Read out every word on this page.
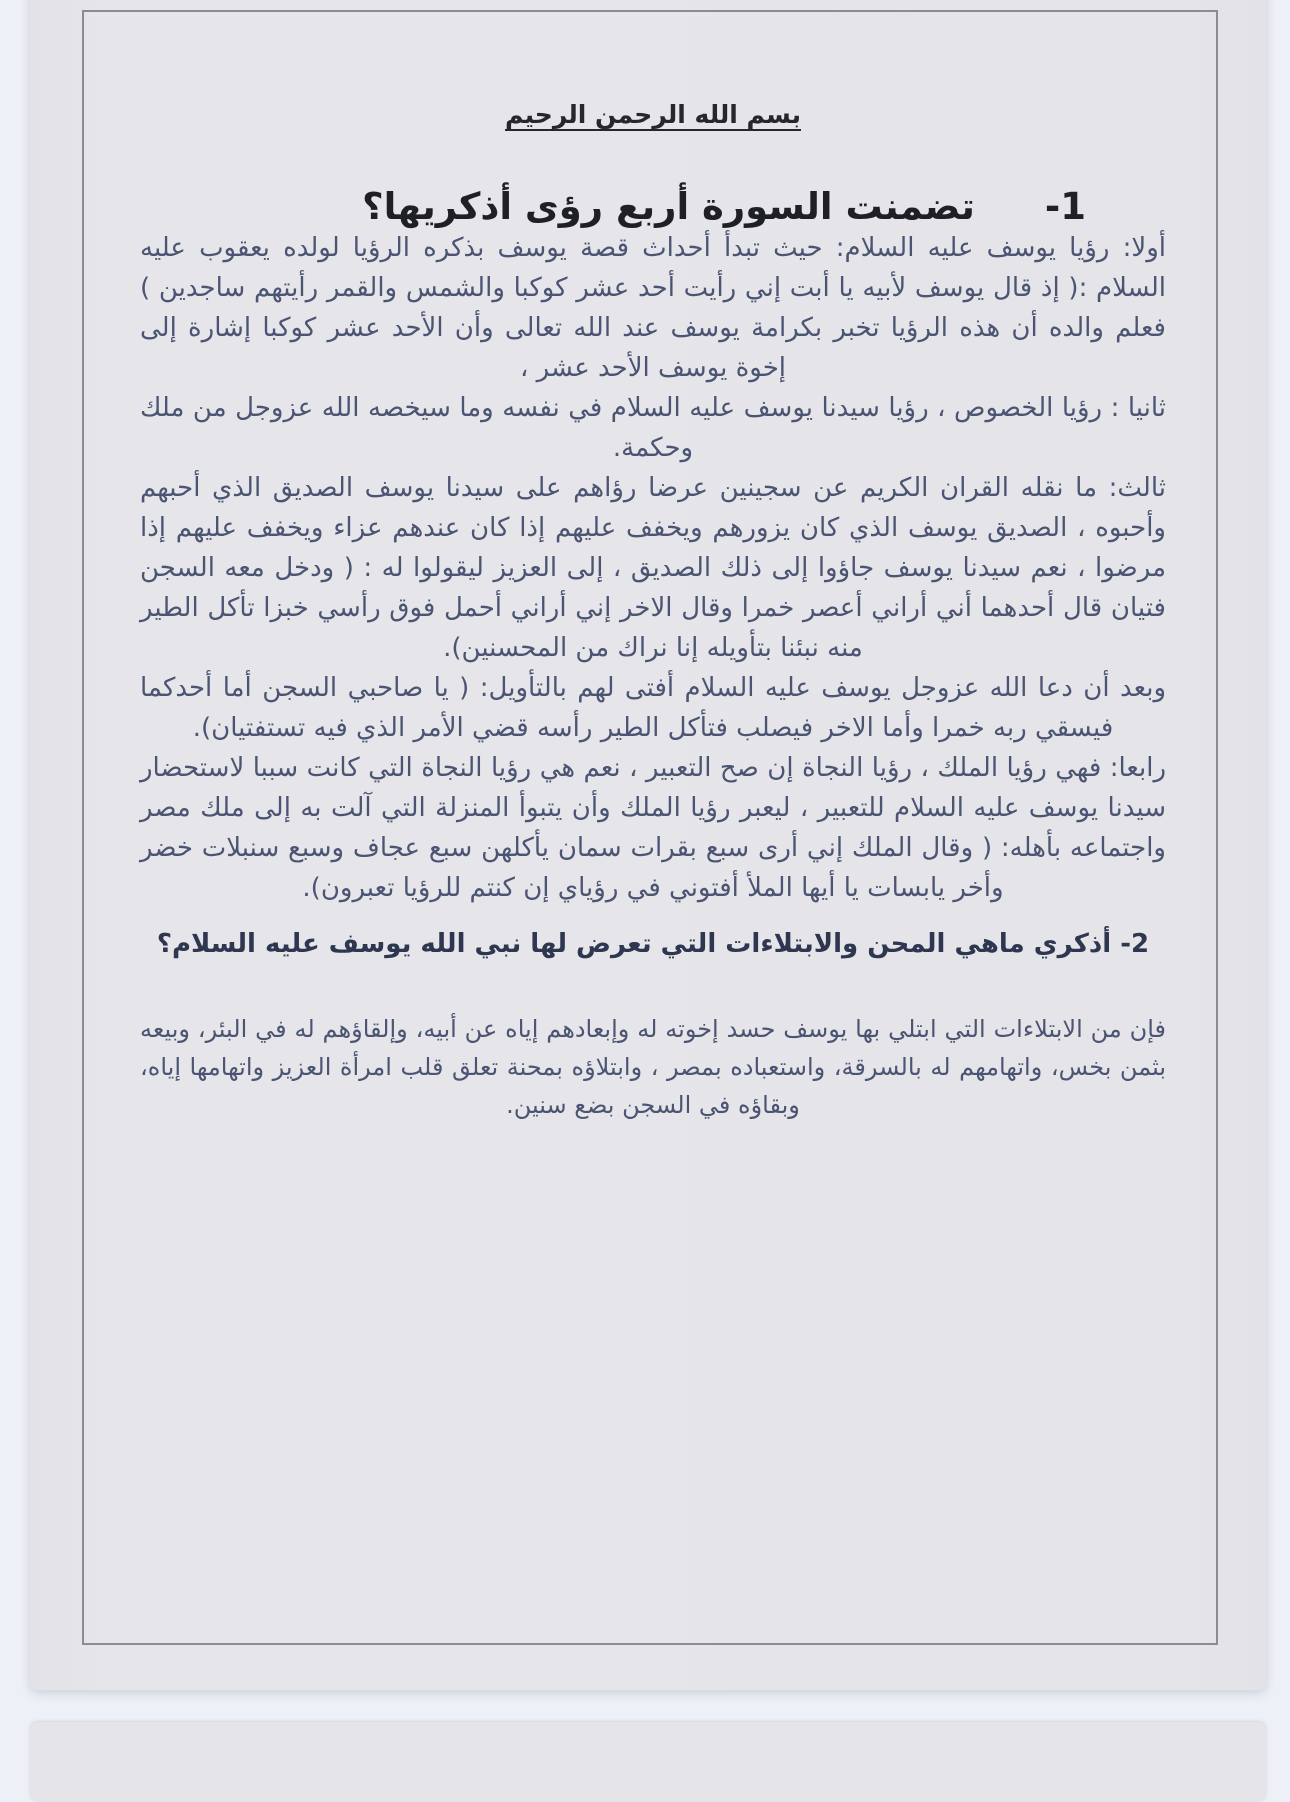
بسم الله الرحمن الرحيم
1-تضمنت السورة أربع رؤى أذكريها؟

أولا: رؤيا يوسف عليه السلام: حيث تبدأ أحداث قصة يوسف بذكره الرؤيا لولده يعقوب عليه السلام :( إذ قال يوسف لأبيه يا أبت إني رأيت أحد عشر كوكبا والشمس والقمر رأيتهم ساجدين ) فعلم والده أن هذه الرؤيا تخبر بكرامة يوسف عند الله تعالى وأن الأحد عشر كوكبا إشارة إلى إخوة يوسف الأحد عشر ،

ثانيا : رؤيا الخصوص ، رؤيا سيدنا يوسف عليه السلام في نفسه وما سيخصه الله عزوجل من ملك وحكمة.

ثالث: ما نقله القران الكريم عن سجينين عرضا رؤاهم على سيدنا يوسف الصديق الذي أحبهم وأحبوه ، الصديق يوسف الذي كان يزورهم ويخفف عليهم إذا كان عندهم عزاء ويخفف عليهم إذا مرضوا ، نعم سيدنا يوسف جاؤوا إلى ذلك الصديق ، إلى العزيز ليقولوا له : ( ودخل معه السجن فتيان قال أحدهما أني أراني أعصر خمرا وقال الاخر إني أراني أحمل فوق رأسي خبزا تأكل الطير منه نبئنا بتأويله إنا نراك من المحسنين).

وبعد أن دعا الله عزوجل يوسف عليه السلام أفتى لهم بالتأويل: ( يا صاحبي السجن أما أحدكما فيسقي ربه خمرا وأما الاخر فيصلب فتأكل الطير رأسه قضي الأمر الذي فيه تستفتيان).

رابعا: فهي رؤيا الملك ، رؤيا النجاة إن صح التعبير ، نعم هي رؤيا النجاة التي كانت سببا لاستحضار سيدنا يوسف عليه السلام للتعبير ، ليعبر رؤيا الملك وأن يتبوأ المنزلة التي آلت به إلى ملك مصر واجتماعه بأهله: ( وقال الملك إني أرى سبع بقرات سمان يأكلهن سبع عجاف وسبع سنبلات خضر وأخر يابسات يا أيها الملأ أفتوني في رؤياي إن كنتم للرؤيا تعبرون).

2- أذكري ماهي المحن والابتلاءات التي تعرض لها نبي الله يوسف عليه السلام؟

فإن من الابتلاءات التي ابتلي بها يوسف حسد إخوته له وإبعادهم إياه عن أبيه، وإلقاؤهم له في البئر، وبيعه بثمن بخس، واتهامهم له بالسرقة، واستعباده بمصر ، وابتلاؤه بمحنة تعلق قلب امرأة العزيز واتهامها إياه، وبقاؤه في السجن بضع سنين.
